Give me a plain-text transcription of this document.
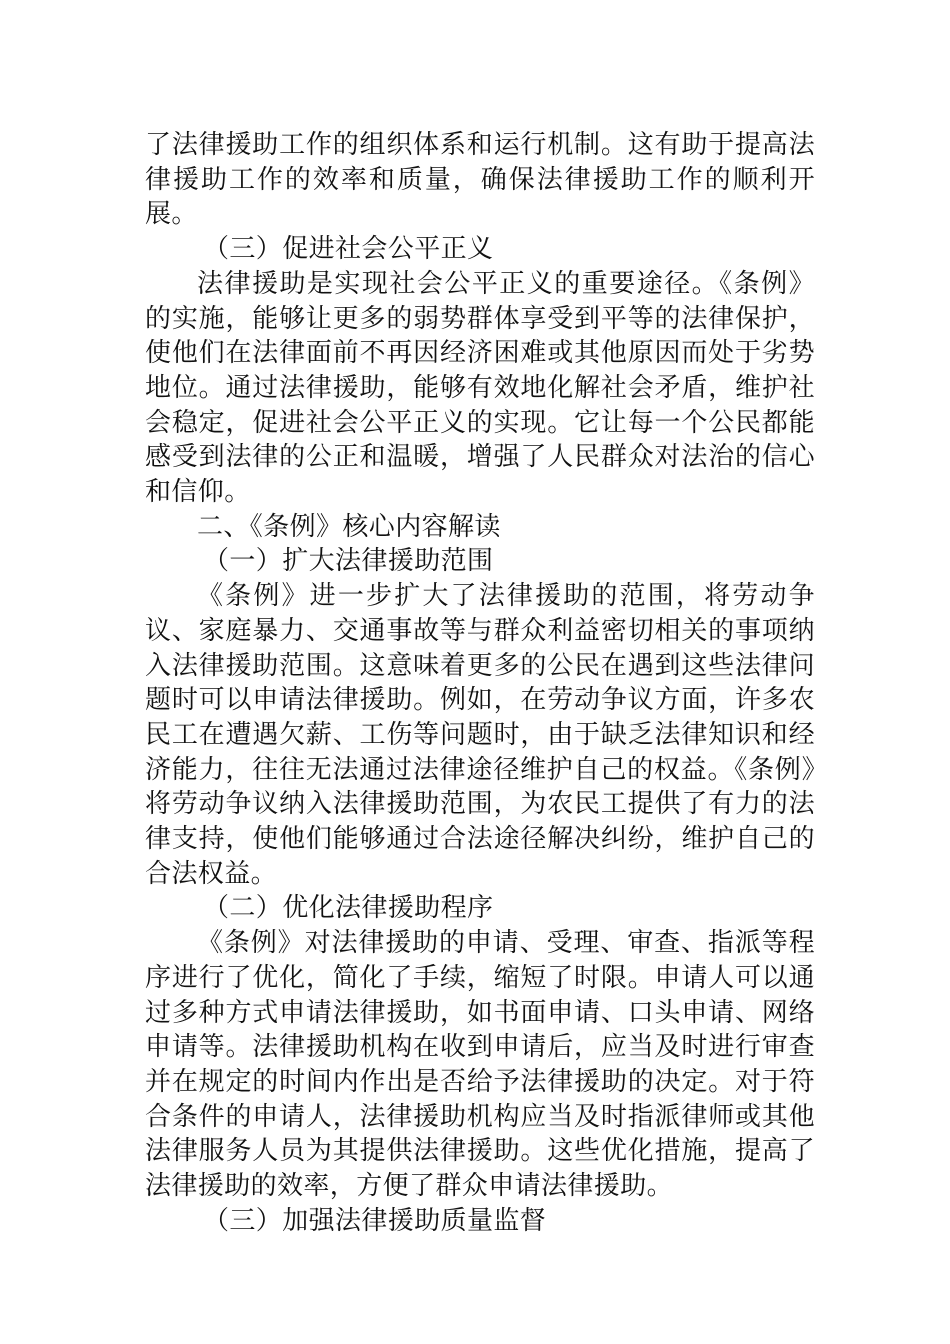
了法律援助工作的组织体系和运行机制。这有助于提高法律援助工作的效率和质量，确保法律援助工作的顺利开展。

（三）促进社会公平正义

法律援助是实现社会公平正义的重要途径。《条例》的实施，能够让更多的弱势群体享受到平等的法律保护，使他们在法律面前不再因经济困难或其他原因而处于劣势地位。通过法律援助，能够有效地化解社会矛盾，维护社会稳定，促进社会公平正义的实现。它让每一个公民都能感受到法律的公正和温暖，增强了人民群众对法治的信心和信仰。

二、《条例》核心内容解读

（一）扩大法律援助范围

《条例》进一步扩大了法律援助的范围，将劳动争议、家庭暴力、交通事故等与群众利益密切相关的事项纳入法律援助范围。这意味着更多的公民在遇到这些法律问题时可以申请法律援助。例如，在劳动争议方面，许多农民工在遭遇欠薪、工伤等问题时，由于缺乏法律知识和经济能力，往往无法通过法律途径维护自己的权益。《条例》将劳动争议纳入法律援助范围，为农民工提供了有力的法律支持，使他们能够通过合法途径解决纠纷，维护自己的合法权益。

（二）优化法律援助程序

《条例》对法律援助的申请、受理、审查、指派等程序进行了优化，简化了手续，缩短了时限。申请人可以通过多种方式申请法律援助，如书面申请、口头申请、网络申请等。法律援助机构在收到申请后，应当及时进行审查并在规定的时间内作出是否给予法律援助的决定。对于符合条件的申请人，法律援助机构应当及时指派律师或其他法律服务人员为其提供法律援助。这些优化措施，提高了法律援助的效率，方便了群众申请法律援助。

（三）加强法律援助质量监督
